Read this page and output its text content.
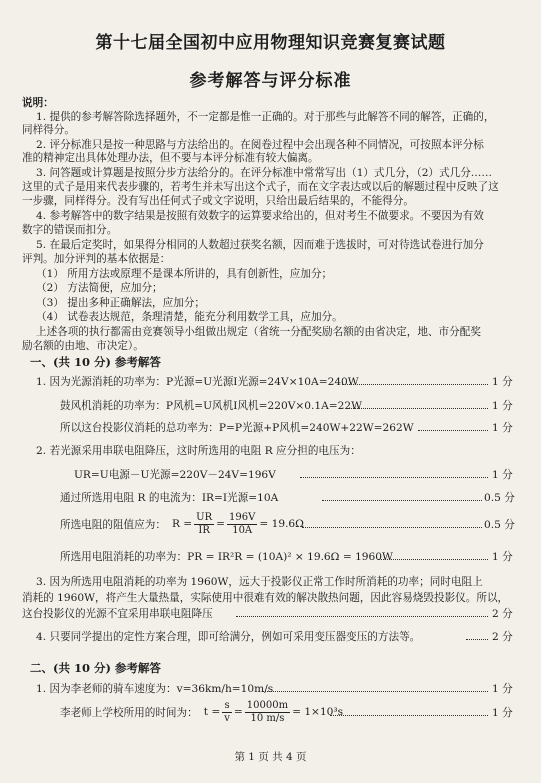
第十七届全国初中应用物理知识竞赛复赛试题
参考解答与评分标准
说明：
1. 提供的参考解答除选择题外，不一定都是惟一正确的。对于那些与此解答不同的解答，正确的，
同样得分。
2. 评分标准只是按一种思路与方法给出的。在阅卷过程中会出现各种不同情况，可按照本评分标
准的精神定出具体处理办法，但不要与本评分标准有较大偏离。
3. 问答题或计算题是按照分步方法给分的。在评分标准中常常写出（1）式几分，（2）式几分……
这里的式子是用来代表步骤的，若考生并未写出这个式子，而在文字表达或以后的解题过程中反映了这
一步骤，同样得分。没有写出任何式子或文字说明，只给出最后结果的，不能得分。
4. 参考解答中的数字结果是按照有效数字的运算要求给出的，但对考生不做要求。不要因为有效
数字的错误而扣分。
5. 在最后定奖时，如果得分相同的人数超过获奖名额，因而难于选拔时，可对待选试卷进行加分
评判。加分评判的基本依据是：
（1） 所用方法或原理不是课本所讲的，具有创新性，应加分；
（2） 方法简便，应加分；
（3） 提出多种正确解法，应加分；
（4） 试卷表达规范，条理清楚，能充分利用数学工具，应加分。
上述各项的执行都需由竞赛领导小组做出规定（省统一分配奖励名额的由省决定，地、市分配奖
励名额的由地、市决定）。
一、(共 10 分) 参考解答
1. 因为光源消耗的功率为：P光源=U光源I光源=24V×10A=240W	1 分
鼓风机消耗的功率为：P风机=U风机I风机=220V×0.1A=22W	1 分
所以这台投影仪消耗的总功率为：P=P光源+P风机=240W+22W=262W	1 分
2. 若光源采用串联电阻降压，这时所选用的电阻 R 应分担的电压为：
UR=U电源－U光源=220V－24V=196V	1 分
通过所选用电阻 R 的电流为：IR=I光源=10A	0.5 分
所选电阻的阻值应为： $R = \frac{UR}{IR} = \frac{196V}{10A} = 19.6\Omega$	0.5 分
所选用电阻消耗的功率为：PR = IR²R = (10A)² × 19.6Ω = 1960W	1 分
3. 因为所选用电阻消耗的功率为 1960W，远大于投影仪正常工作时所消耗的功率；同时电阻上
消耗的 1960W，将产生大量热量，实际使用中很难有效的解决散热问题，因此容易烧毁投影仪。所以，
这台投影仪的光源不宜采用串联电阻降压	2 分
4. 只要同学提出的定性方案合理，即可给满分，例如可采用变压器变压的方法等。	2 分
二、(共 10 分) 参考解答
1. 因为李老师的骑车速度为：v=36km/h=10m/s	1 分
李老师上学校所用的时间为： $t = \frac{s}{v} = \frac{10000m}{10 m/s} = 1\times 10^3s$	1 分
第 1 页 共 4 页
